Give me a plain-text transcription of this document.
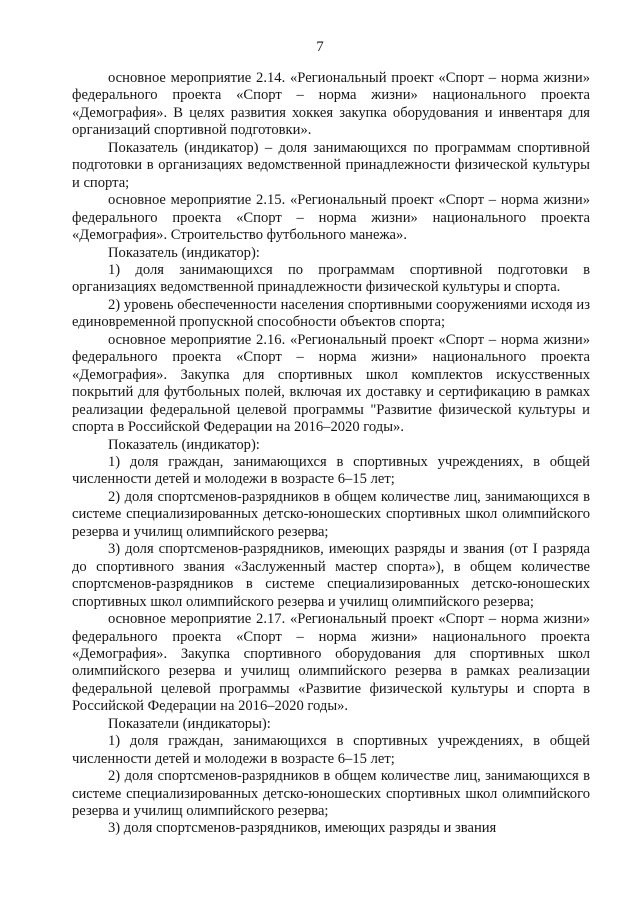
7

основное мероприятие 2.14. «Региональный проект «Спорт – норма жизни» федерального проекта «Спорт – норма жизни» национального проекта «Демография». В целях развития хоккея закупка оборудования и инвентаря для организаций спортивной подготовки».

Показатель (индикатор) – доля занимающихся по программам спортивной подготовки в организациях ведомственной принадлежности физической культуры и спорта;

основное мероприятие 2.15. «Региональный проект «Спорт – норма жизни» федерального проекта «Спорт – норма жизни» национального проекта «Демография». Строительство футбольного манежа».

Показатель (индикатор):

1) доля занимающихся по программам спортивной подготовки в организациях ведомственной принадлежности физической культуры и спорта.

2) уровень обеспеченности населения спортивными сооружениями исходя из единовременной пропускной способности объектов спорта;

основное мероприятие 2.16. «Региональный проект «Спорт – норма жизни» федерального проекта «Спорт – норма жизни» национального проекта «Демография». Закупка для спортивных школ комплектов искусственных покрытий для футбольных полей, включая их доставку и сертификацию в рамках реализации федеральной целевой программы "Развитие физической культуры и спорта в Российской Федерации на 2016–2020 годы».

Показатель (индикатор):

1) доля граждан, занимающихся в спортивных учреждениях, в общей численности детей и молодежи в возрасте 6–15 лет;

2) доля спортсменов-разрядников в общем количестве лиц, занимающихся в системе специализированных детско-юношеских спортивных школ олимпийского резерва и училищ олимпийского резерва;

3) доля спортсменов-разрядников, имеющих разряды и звания (от I разряда до спортивного звания «Заслуженный мастер спорта»), в общем количестве спортсменов-разрядников в системе специализированных детско-юношеских спортивных школ олимпийского резерва и училищ олимпийского резерва;

основное мероприятие 2.17. «Региональный проект «Спорт – норма жизни» федерального проекта «Спорт – норма жизни» национального проекта «Демография». Закупка спортивного оборудования для спортивных школ олимпийского резерва и училищ олимпийского резерва в рамках реализации федеральной целевой программы «Развитие физической культуры и спорта в Российской Федерации на 2016–2020 годы».

Показатели (индикаторы):

1) доля граждан, занимающихся в спортивных учреждениях, в общей численности детей и молодежи в возрасте 6–15 лет;

2) доля спортсменов-разрядников в общем количестве лиц, занимающихся в системе специализированных детско-юношеских спортивных школ олимпийского резерва и училищ олимпийского резерва;

3) доля спортсменов-разрядников, имеющих разряды и звания
